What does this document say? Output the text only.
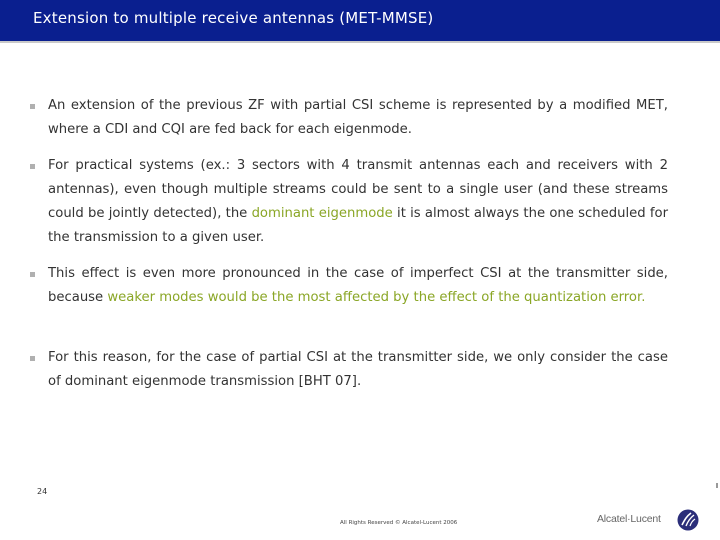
Extension to multiple receive antennas (MET-MMSE)
An extension of the previous ZF with partial CSI scheme is represented by a modified MET, where a CDI and CQI are fed back for each eigenmode.
For practical systems (ex.: 3 sectors with 4 transmit antennas each and receivers with 2 antennas), even though multiple streams could be sent to a single user (and these streams could be jointly detected), the dominant eigenmode it is almost always the one scheduled for the transmission to a given user.
This effect is even more pronounced in the case of imperfect CSI at the transmitter side, because weaker modes would be the most affected by the effect of the quantization error.
For this reason, for the case of partial CSI at the transmitter side, we only consider the case of dominant eigenmode transmission [BHT 07].
24
All Rights Reserved © Alcatel-Lucent 2006	Alcatel·Lucent
